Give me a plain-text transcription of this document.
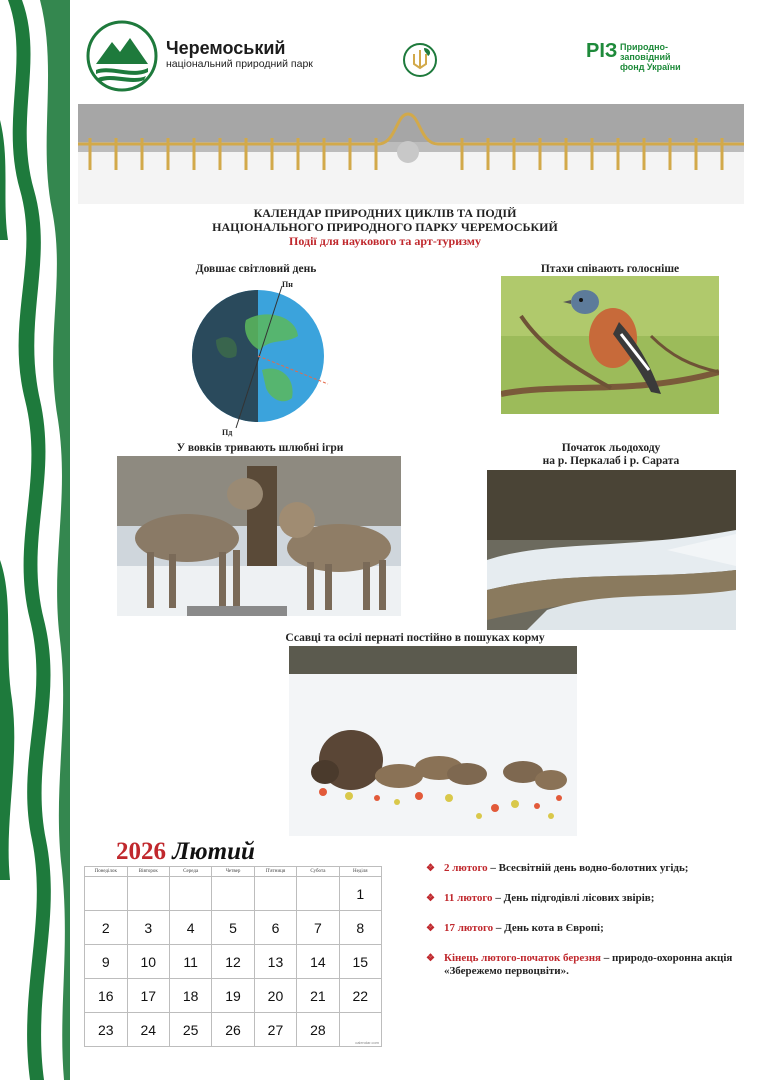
Черемоський
національний природний парк
РІЗ Природно-
заповідний
фонд України
КАЛЕНДАР ПРИРОДНИХ ЦИКЛІВ ТА ПОДІЙ
НАЦІОНАЛЬНОГО ПРИРОДНОГО ПАРКУ ЧЕРЕМОСЬКИЙ
Події для наукового та арт-туризму
Довшає світловий день
Пн
Пд
Птахи співають голосніше
У вовків тривають шлюбні ігри	Початок льодоходу
на р. Перкалаб і р. Сарата
Ссавці та осілі пернаті постійно в пошуках корму
2026 Лютий
Понеділок	Вівторок	Середа	Четвер	П'ятниця	Субота	Неділя
						1
2	3	4	5	6	7	8
9	10	11	12	13	14	15
16	17	18	19	20	21	22
23	24	25	26	27	28	calendar.com
❖ 2 лютого – Всесвітній день водно-болотних угідь;
❖ 11 лютого – День підгодівлі лісових звірів;
❖ 17 лютого – День кота в Європі;
❖ Кінець лютого-початок березня – природо-охоронна акція «Збережемо первоцвіти».
